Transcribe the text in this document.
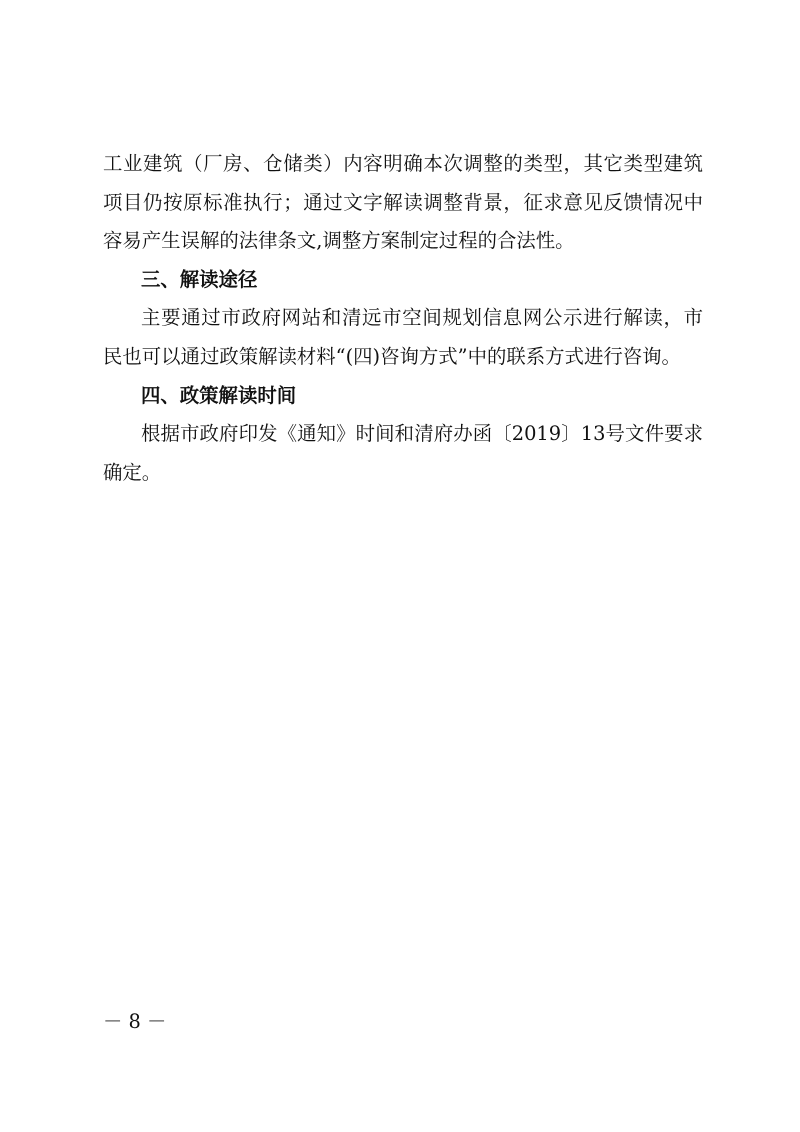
工业建筑（厂房、仓储类）内容明确本次调整的类型，其它类型建筑项目仍按原标准执行；通过文字解读调整背景，征求意见反馈情况中容易产生误解的法律条文,调整方案制定过程的合法性。

三、解读途径

主要通过市政府网站和清远市空间规划信息网公示进行解读，市民也可以通过政策解读材料“(四)咨询方式”中的联系方式进行咨询。

四、政策解读时间

根据市政府印发《通知》时间和清府办函〔2019〕13号文件要求确定。

－ 8 －
